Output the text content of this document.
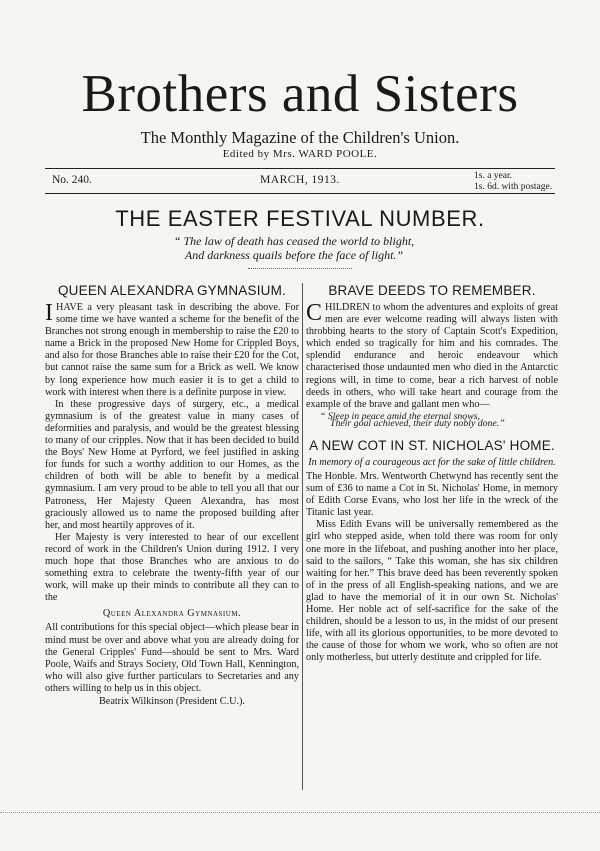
Brothers and Sisters
The Monthly Magazine of the Children's Union.
Edited by Mrs. WARD POOLE.
No. 240.	MARCH, 1913.	1s. a year.
1s. 6d. with postage.
THE EASTER FESTIVAL NUMBER.
“ The law of death has ceased the world to blight,
And darkness quails before the face of light.”
QUEEN ALEXANDRA GYMNASIUM.

IHAVE a very pleasant task in describing the above. For some time we have wanted a scheme for the benefit of the Branches not strong enough in membership to raise the £20 to name a Brick in the proposed New Home for Crippled Boys, and also for those Branches able to raise their £20 for the Cot, but cannot raise the same sum for a Brick as well. We know by long experience how much easier it is to get a child to work with interest when there is a definite purpose in view.

In these progressive days of surgery, etc., a medical gymnasium is of the greatest value in many cases of deformities and paralysis, and would be the greatest blessing to many of our cripples. Now that it has been decided to build the Boys' New Home at Pyrford, we feel justified in asking for funds for such a worthy addition to our Homes, as the children of both will be able to benefit by a medical gymnasium. I am very proud to be able to tell you all that our Patroness, Her Majesty Queen Alexandra, has most graciously allowed us to name the proposed building after her, and most heartily approves of it.

Her Majesty is very interested to hear of our excellent record of work in the Children's Union during 1912. I very much hope that those Branches who are anxious to do something extra to celebrate the twenty-fifth year of our work, will make up their minds to contribute all they can to the

Queen Alexandra Gymnasium.

All contributions for this special object—which please bear in mind must be over and above what you are already doing for the General Cripples' Fund—should be sent to Mrs. Ward Poole, Waifs and Strays Society, Old Town Hall, Kennington, who will also give further particulars to Secretaries and any others willing to help us in this object.

Beatrix Wilkinson (President C.U.).
BRAVE DEEDS TO REMEMBER.

CHILDREN to whom the adventures and exploits of great men are ever welcome reading will always listen with throbbing hearts to the story of Captain Scott's Expedition, which ended so tragically for him and his comrades. The splendid endurance and heroic endeavour which characterised those undaunted men who died in the Antarctic regions will, in time to come, bear a rich harvest of noble deeds in others, who will take heart and courage from the example of the brave and gallant men who—

“ Sleep in peace amid the eternal snows,

Their goal achieved, their duty nobly done.”

A NEW COT IN ST. NICHOLAS' HOME.
In memory of a courageous act for the sake of little children.

The Honble. Mrs. Wentworth Chetwynd has recently sent the sum of £36 to name a Cot in St. Nicholas' Home, in memory of Edith Corse Evans, who lost her life in the wreck of the Titanic last year.

Miss Edith Evans will be universally remembered as the girl who stepped aside, when told there was room for only one more in the lifeboat, and pushing another into her place, said to the sailors, “ Take this woman, she has six children waiting for her.” This brave deed has been reverently spoken of in the press of all English-speaking nations, and we are glad to have the memorial of it in our own St. Nicholas' Home. Her noble act of self-sacrifice for the sake of the children, should be a lesson to us, in the midst of our present life, with all its glorious opportunities, to be more devoted to the cause of those for whom we work, who so often are not only motherless, but utterly destitute and crippled for life.
